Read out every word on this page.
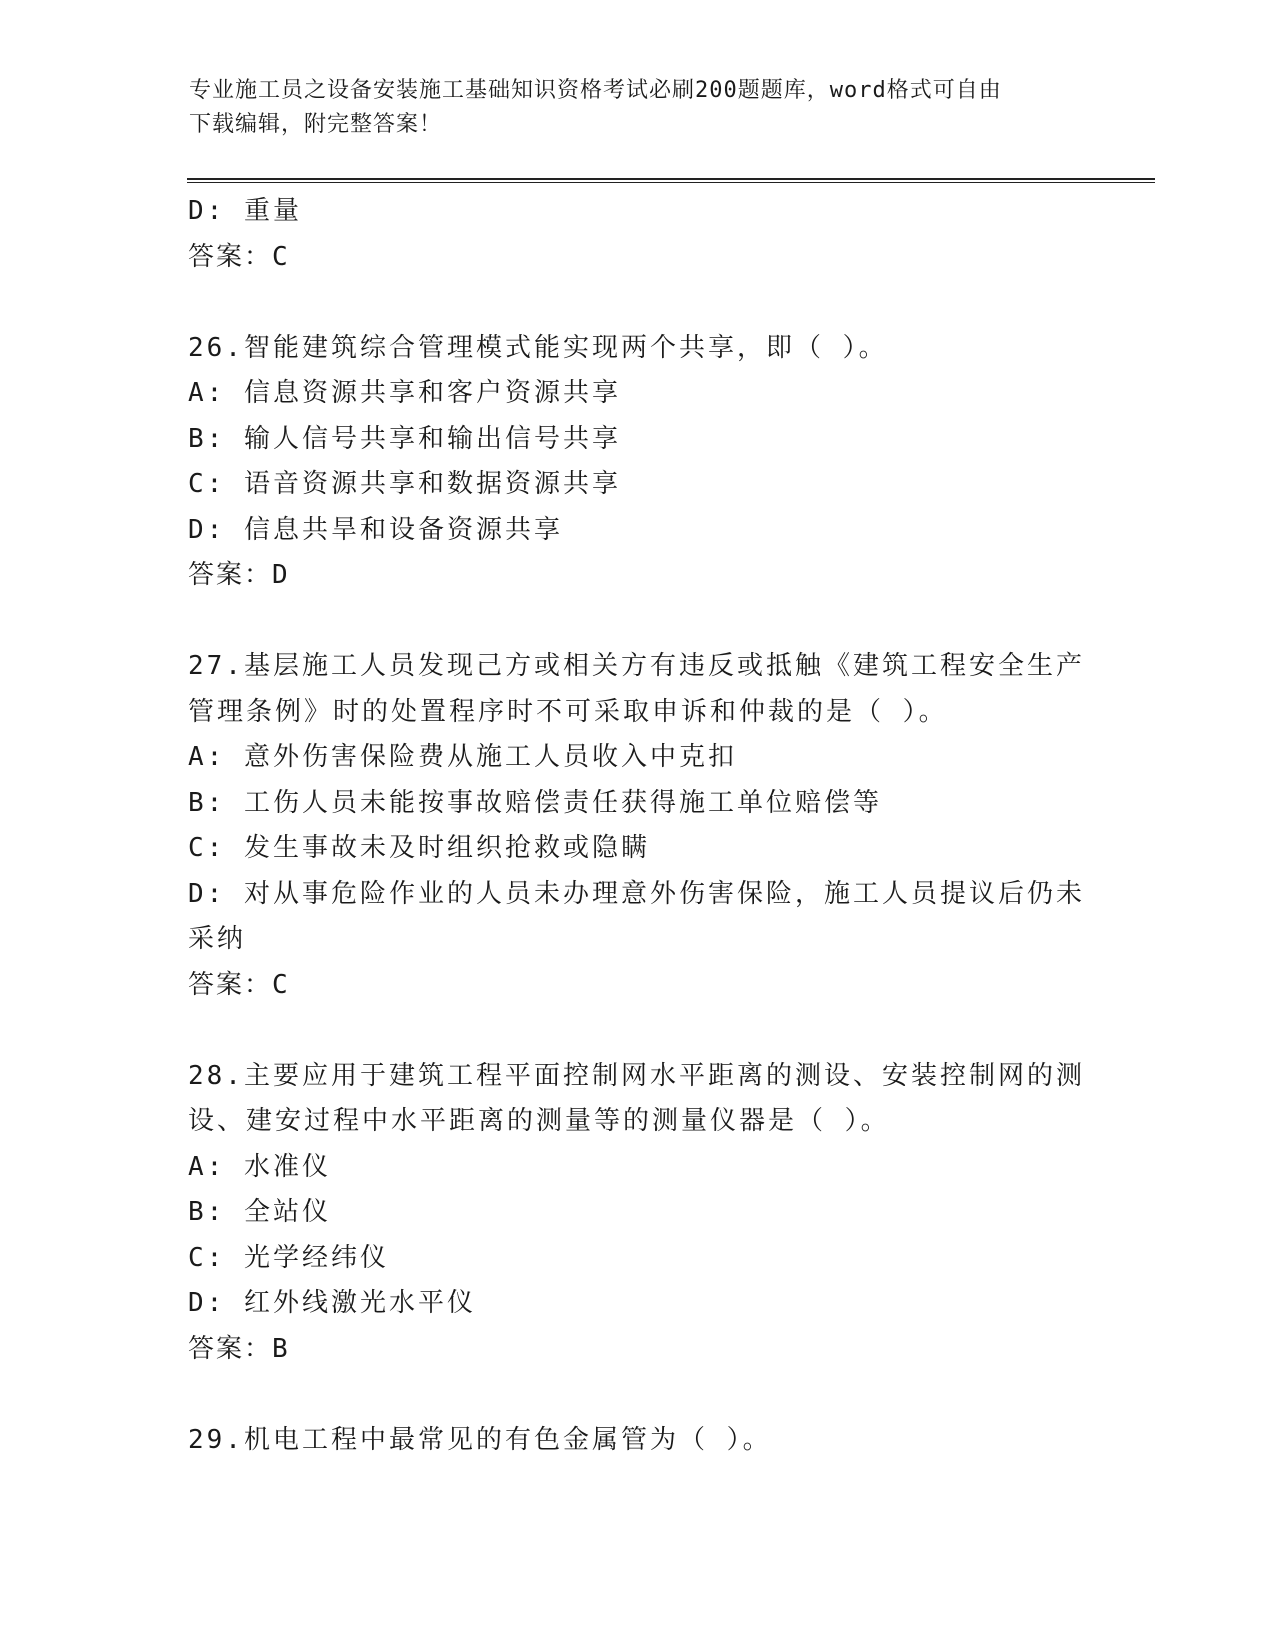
专业施工员之设备安装施工基础知识资格考试必刷200题题库，word格式可自由
下载编辑，附完整答案！
D: 重量
答案：C
26.智能建筑综合管理模式能实现两个共享，即（ ）。
A: 信息资源共享和客户资源共享
B: 输人信号共享和输出信号共享
C: 语音资源共享和数据资源共享
D: 信息共旱和设备资源共享
答案：D
27.基层施工人员发现己方或相关方有违反或抵触《建筑工程安全生产
管理条例》时的处置程序时不可采取申诉和仲裁的是（ ）。
A: 意外伤害保险费从施工人员收入中克扣
B: 工伤人员未能按事故赔偿责任获得施工单位赔偿等
C: 发生事故未及时组织抢救或隐瞒
D: 对从事危险作业的人员未办理意外伤害保险，施工人员提议后仍未
采纳
答案：C
28.主要应用于建筑工程平面控制网水平距离的测设、安装控制网的测
设、建安过程中水平距离的测量等的测量仪器是（ ）。
A: 水准仪
B: 全站仪
C: 光学经纬仪
D: 红外线激光水平仪
答案：B
29.机电工程中最常见的有色金属管为（ ）。
